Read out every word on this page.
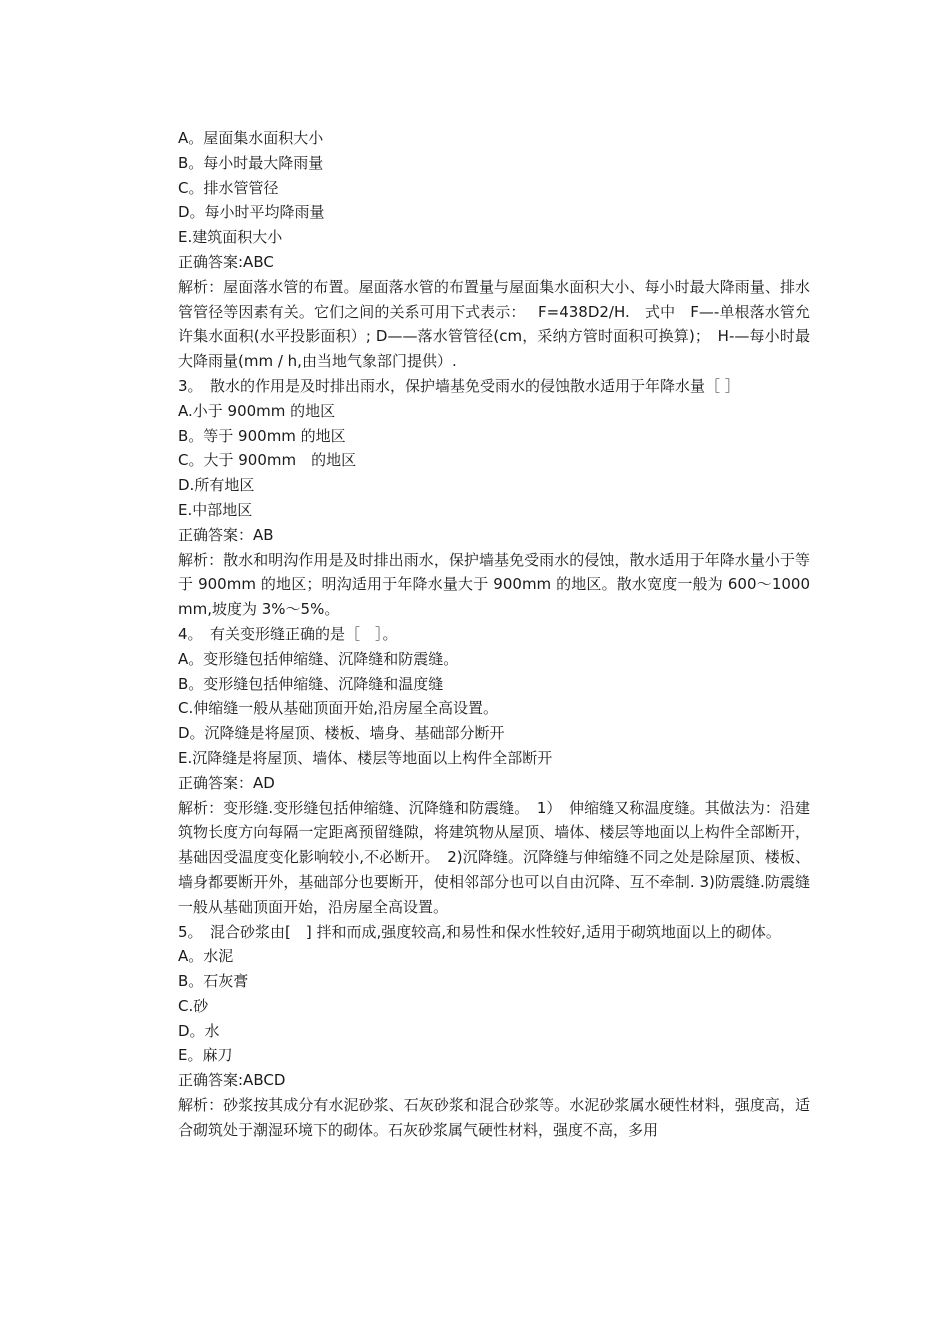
A。屋面集水面积大小
B。每小时最大降雨量
C。排水管管径
D。每小时平均降雨量
E.建筑面积大小
正确答案:ABC
解析：屋面落水管的布置。屋面落水管的布置量与屋面集水面积大小、每小时最大降雨量、排水管管径等因素有关。它们之间的关系可用下式表示：　 F=438D2/H.　式中　F—-单根落水管允许集水面积(水平投影面积）; D——落水管管径(cm，采纳方管时面积可换算)；　H-—每小时最大降雨量(mm / h,由当地气象部门提供）.
3。　散水的作用是及时排出雨水，保护墙基免受雨水的侵蚀散水适用于年降水量［ ］
A.小于 900mm 的地区
B。等于 900mm 的地区
C。大于 900mm　的地区
D.所有地区
E.中部地区
正确答案：AB
解析：散水和明沟作用是及时排出雨水，保护墙基免受雨水的侵蚀，散水适用于年降水量小于等于 900mm 的地区；明沟适用于年降水量大于 900mm 的地区。散水宽度一般为 600～1000mm,坡度为 3%～5%。
4。　有关变形缝正确的是［　］。
A。变形缝包括伸缩缝、沉降缝和防震缝。
B。变形缝包括伸缩缝、沉降缝和温度缝
C.伸缩缝一般从基础顶面开始,沿房屋全高设置。
D。沉降缝是将屋顶、楼板、墙身、基础部分断开
E.沉降缝是将屋顶、墙体、楼层等地面以上构件全部断开
正确答案：AD
解析：变形缝.变形缝包括伸缩缝、沉降缝和防震缝。　1）　伸缩缝又称温度缝。其做法为：沿建筑物长度方向每隔一定距离预留缝隙，将建筑物从屋顶、墙体、楼层等地面以上构件全部断开，基础因受温度变化影响较小,不必断开。　2)沉降缝。沉降缝与伸缩缝不同之处是除屋顶、楼板、墙身都要断开外，基础部分也要断开，使相邻部分也可以自由沉降、互不牵制. 3)防震缝.防震缝一般从基础顶面开始，沿房屋全高设置。
5。　混合砂浆由[　] 拌和而成,强度较高,和易性和保水性较好,适用于砌筑地面以上的砌体。
A。水泥
B。石灰膏
C.砂
D。水
E。麻刀
正确答案:ABCD
解析：砂浆按其成分有水泥砂浆、石灰砂浆和混合砂浆等。水泥砂浆属水硬性材料，强度高，适合砌筑处于潮湿环境下的砌体。石灰砂浆属气硬性材料，强度不高，多用
